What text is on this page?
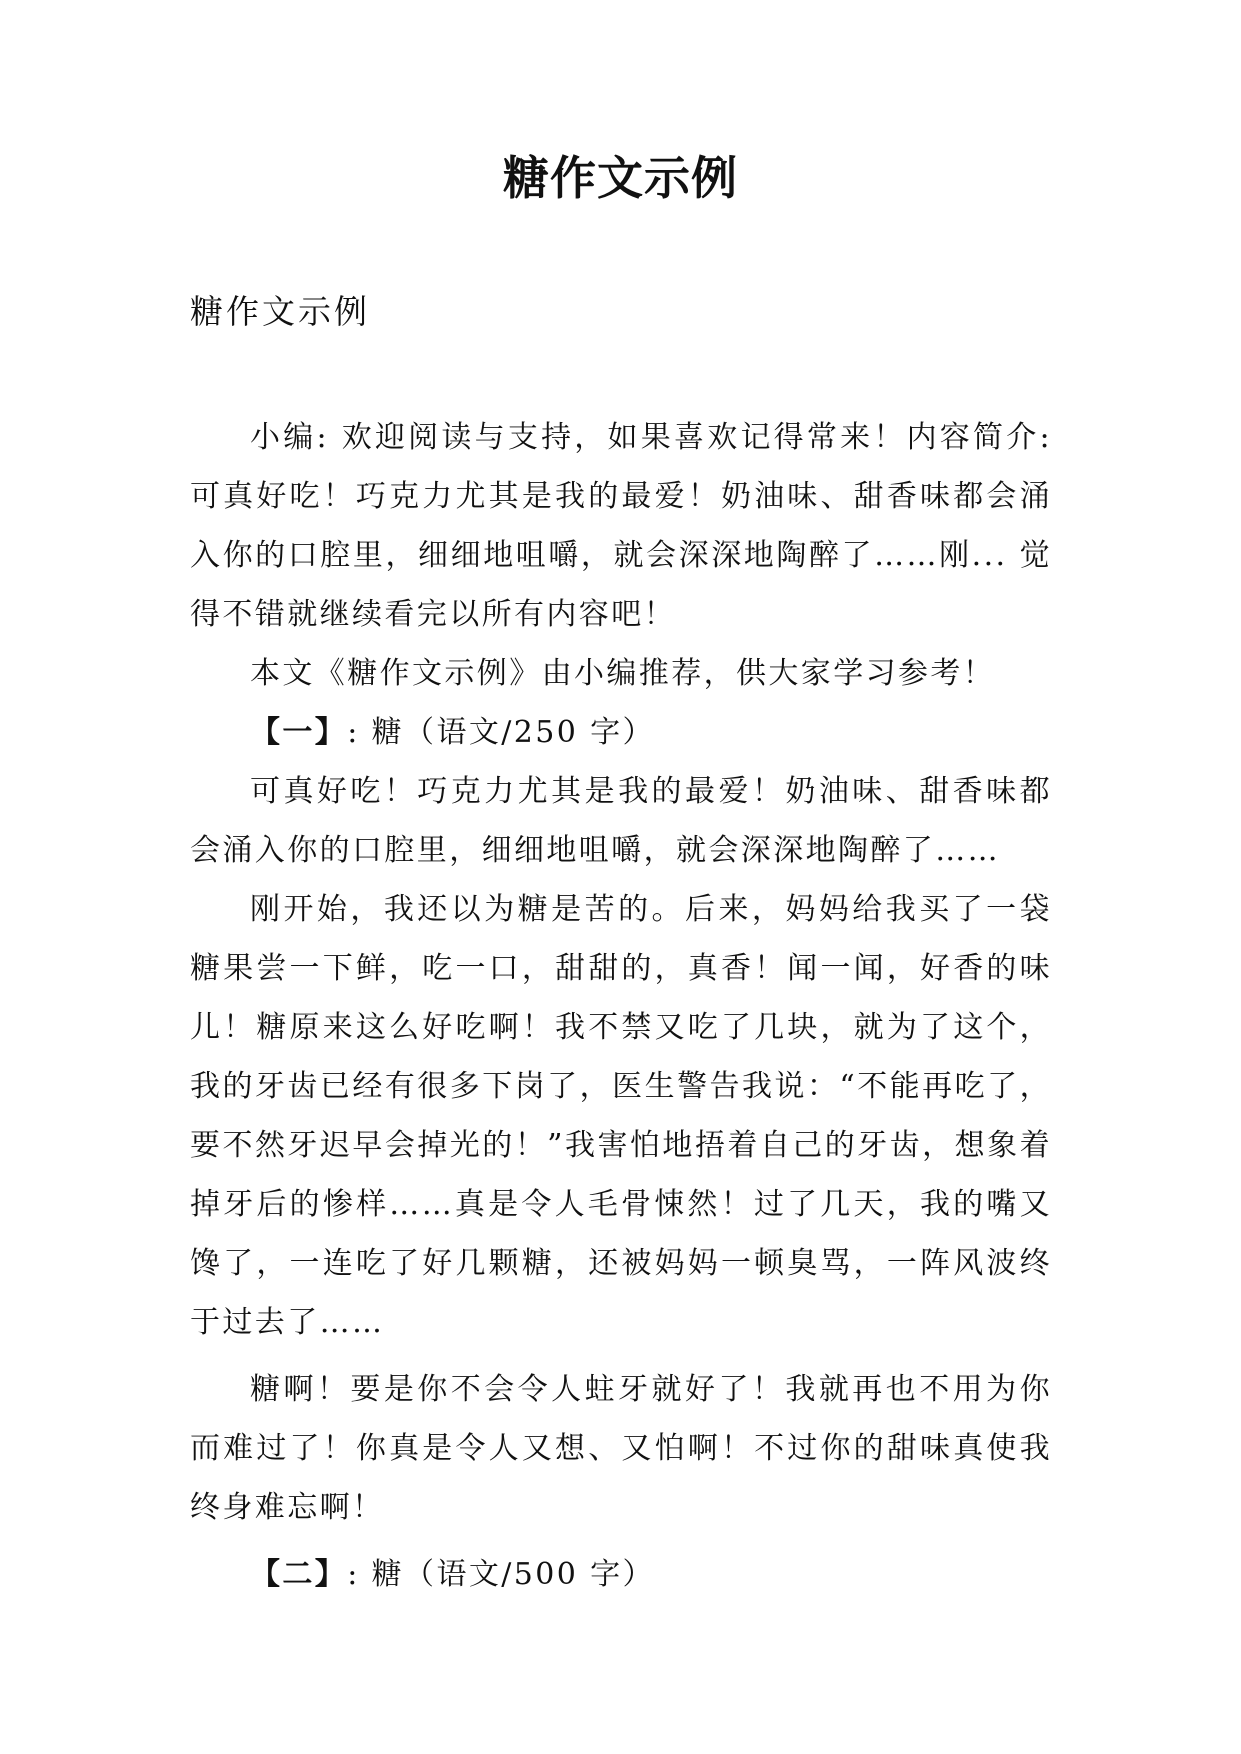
糖作文示例
糖作文示例

小编: 欢迎阅读与支持，如果喜欢记得常来！内容简介: 可真好吃！巧克力尤其是我的最爱！奶油味、甜香味都会涌入你的口腔里，细细地咀嚼，就会深深地陶醉了……刚... 觉得不错就继续看完以所有内容吧！

本文《糖作文示例》由小编推荐，供大家学习参考！

【一】: 糖（语文/250 字）

可真好吃！巧克力尤其是我的最爱！奶油味、甜香味都会涌入你的口腔里，细细地咀嚼，就会深深地陶醉了……

刚开始，我还以为糖是苦的。后来，妈妈给我买了一袋糖果尝一下鲜，吃一口，甜甜的，真香！闻一闻，好香的味儿！糖原来这么好吃啊！我不禁又吃了几块，就为了这个，我的牙齿已经有很多下岗了，医生警告我说：“不能再吃了，要不然牙迟早会掉光的！”我害怕地捂着自己的牙齿，想象着掉牙后的惨样……真是令人毛骨悚然！过了几天，我的嘴又馋了，一连吃了好几颗糖，还被妈妈一顿臭骂，一阵风波终于过去了……

糖啊！要是你不会令人蛀牙就好了！我就再也不用为你而难过了！你真是令人又想、又怕啊！不过你的甜味真使我终身难忘啊！

【二】: 糖（语文/500 字）
